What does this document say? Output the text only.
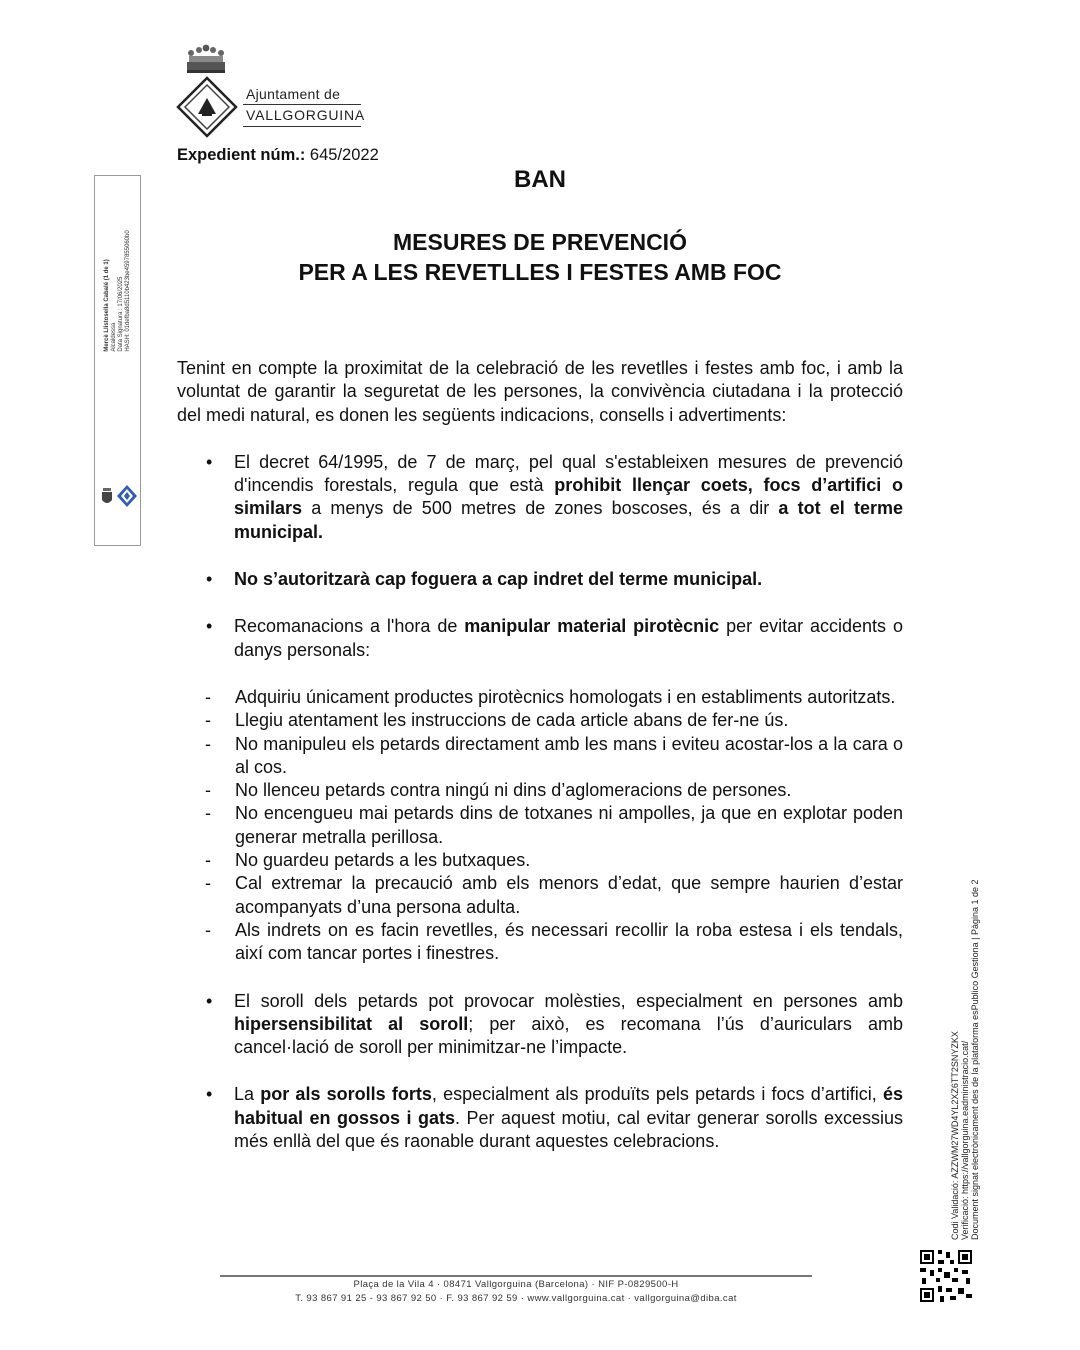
Ajuntament de
VALLGORGUINA
Expedient núm.: 645/2022
BAN
MESURES DE PREVENCIÓ
PER A LES REVETLLES I FESTES AMB FOC

Tenint en compte la proximitat de la celebració de les revetlles i festes amb foc, i amb la voluntat de garantir la seguretat de les persones, la convivència ciutadana i la protecció del medi natural, es donen les següents indicacions, consells i advertiments:

• El decret 64/1995, de 7 de març, pel qual s'estableixen mesures de prevenció d'incendis forestals, regula que està prohibit llençar coets, focs d’artifici o similars a menys de 500 metres de zones boscoses, és a dir a tot el terme municipal.
• No s’autoritzarà cap foguera a cap indret del terme municipal.
• Recomanacions a l'hora de manipular material pirotècnic per evitar accidents o danys personals:
- Adquiriu únicament productes pirotècnics homologats i en establiments autoritzats.
- Llegiu atentament les instruccions de cada article abans de fer-ne ús.
- No manipuleu els petards directament amb les mans i eviteu acostar-los a la cara o al cos.
- No llenceu petards contra ningú ni dins d’aglomeracions de persones.
- No encengueu mai petards dins de totxanes ni ampolles, ja que en explotar poden generar metralla perillosa.
- No guardeu petards a les butxaques.
- Cal extremar la precaució amb els menors d’edat, que sempre haurien d’estar acompanyats d’una persona adulta.
- Als indrets on es facin revetlles, és necessari recollir la roba estesa i els tendals, així com tancar portes i finestres.
• El soroll dels petards pot provocar molèsties, especialment en persones amb hipersensibilitat al soroll; per això, es recomana l’ús d’auriculars amb cancel·lació de soroll per minimitzar-ne l’impacte.
• La por als sorolls forts, especialment als produïts pels petards i focs d’artifici, és habitual en gossos i gats. Per aquest motiu, cal evitar generar sorolls excessius més enllà del que és raonable durant aquestes celebracions.
Mercè Llistosella Cabalé (1 de 1) Alcaldessa Data Signatura : 17/06/2025 HASH: 01defba8d5110b423be4597855060b0
Codi Validació: AZZWM27WD4YL2XZ6TT2SNYZKX Verificació: https://vallgorguina.eadministracio.cat/ Document signat electrònicament des de la plataforma esPublico Gestiona | Pàgina 1 de 2
Plaça de la Vila 4 · 08471 Vallgorguina (Barcelona) · NIF P-0829500-H
T. 93 867 91 25 - 93 867 92 50 · F. 93 867 92 59 · www.vallgorguina.cat · vallgorguina@diba.cat
